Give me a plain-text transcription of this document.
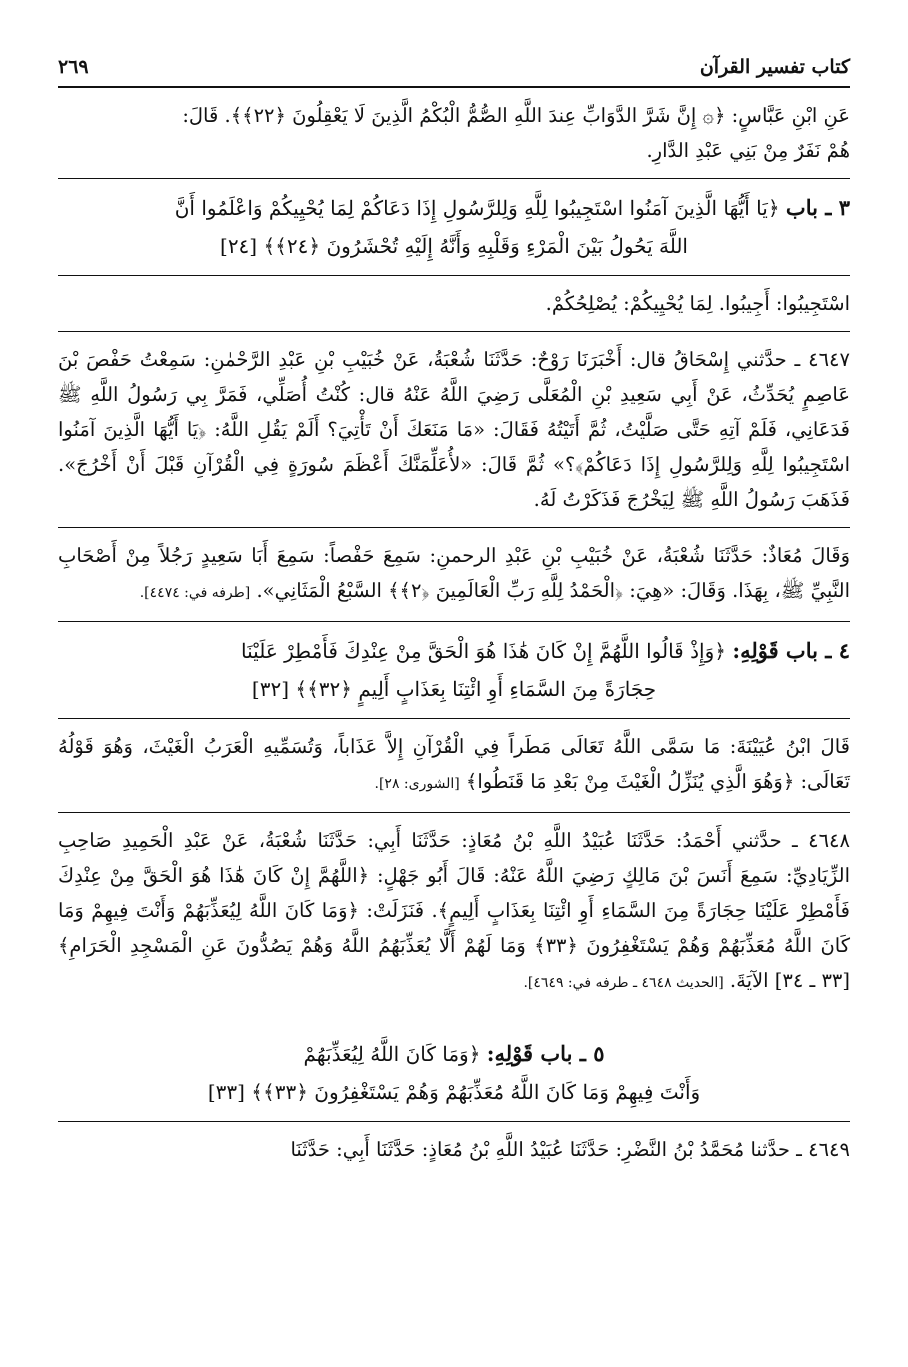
كتاب تفسير القرآن
٢٦٩

عَنِ ابْنِ عَبَّاسٍ: ﴿۞ إِنَّ شَرَّ الدَّوَابِّ عِندَ اللَّهِ الصُّمُّ الْبُكْمُ الَّذِينَ لَا يَعْقِلُونَ ﴿٢٢﴾﴾. قَالَ:

هُمْ نَفَرٌ مِنْ بَنِي عَبْدِ الدَّارِ.

٣ ـ باب ﴿يَا أَيُّهَا الَّذِينَ آمَنُوا اسْتَجِيبُوا لِلَّهِ وَلِلرَّسُولِ إِذَا دَعَاكُمْ لِمَا يُحْيِيكُمْ وَاعْلَمُوا أَنَّ

اللَّهَ يَحُولُ بَيْنَ الْمَرْءِ وَقَلْبِهِ وَأَنَّهُ إِلَيْهِ تُحْشَرُونَ ﴿٢٤﴾﴾ [٢٤]

اسْتَجِيبُوا: أَجِيبُوا. لِمَا يُحْيِيكُمْ: يُصْلِحُكُمْ.

٤٦٤٧ ـ حدَّثني إِسْحَاقُ قال: أَخْبَرَنَا رَوْحٌ: حَدَّثَنَا شُعْبَةُ، عَنْ خُبَيْبِ بْنِ عَبْدِ الرَّحْمٰنِ: سَمِعْتُ حَفْصَ بْنَ عَاصِمٍ يُحَدِّثُ، عَنْ أَبِي سَعِيدِ بْنِ الْمُعَلَّى رَضِيَ اللَّهُ عَنْهُ قال: كُنْتُ أُصَلِّي، فَمَرَّ بِي رَسُولُ اللَّهِ ﷺ فَدَعَانِي، فَلَمْ آتِهِ حَتَّى صَلَّيْتُ، ثُمَّ أَتَيْتُهُ فَقَالَ: «مَا مَنَعَكَ أَنْ تَأْتِيَ؟ أَلَمْ يَقُلِ اللَّهُ: ﴿يَا أَيُّهَا الَّذِينَ آمَنُوا اسْتَجِيبُوا لِلَّهِ وَلِلرَّسُولِ إِذَا دَعَاكُمْ﴾؟» ثُمَّ قَالَ: «لأُعَلِّمَنَّكَ أَعْظَمَ سُورَةٍ فِي الْقُرْآنِ قَبْلَ أَنْ أَخْرُجَ». فَذَهَبَ رَسُولُ اللَّهِ ﷺ لِيَخْرُجَ فَذَكَرْتُ لَهُ.

وَقَالَ مُعَاذٌ: حَدَّثَنَا شُعْبَةُ، عَنْ خُبَيْبِ بْنِ عَبْدِ الرحمنِ: سَمِعَ حَفْصاً: سَمِعَ أَبَا سَعِيدٍ رَجُلاً مِنْ أَصْحَابِ النَّبِيِّ ﷺ، بِهَذَا. وَقَالَ: «هِيَ: ﴿الْحَمْدُ لِلَّهِ رَبِّ الْعَالَمِينَ ﴿٢﴾﴾ السَّبْعُ الْمَثَانِي». [طرفه في: ٤٤٧٤].

٤ ـ باب قَوْلِهِ: ﴿وَإِذْ قَالُوا اللَّهُمَّ إِنْ كَانَ هَٰذَا هُوَ الْحَقَّ مِنْ عِنْدِكَ فَأَمْطِرْ عَلَيْنَا

حِجَارَةً مِنَ السَّمَاءِ أَوِ ائْتِنَا بِعَذَابٍ أَلِيمٍ ﴿٣٢﴾﴾ [٣٢]

قَالَ ابْنُ عُيَيْنَةَ: مَا سَمَّى اللَّهُ تَعَالَى مَطَراً فِي الْقُرْآنِ إِلاَّ عَذَاباً، وَتُسَمِّيهِ الْعَرَبُ الْغَيْثَ، وَهُوَ قَوْلُهُ تَعَالَى: ﴿وَهُوَ الَّذِي يُنَزِّلُ الْغَيْثَ مِنْ بَعْدِ مَا قَنَطُوا﴾ [الشورى: ٢٨].

٤٦٤٨ ـ حدَّثني أَحْمَدُ: حَدَّثَنَا عُبَيْدُ اللَّهِ بْنُ مُعَاذٍ: حَدَّثَنَا أَبِي: حَدَّثَنَا شُعْبَةُ، عَنْ عَبْدِ الْحَمِيدِ صَاحِبِ الزِّيَادِيِّ: سَمِعَ أَنَسَ بْنَ مَالِكٍ رَضِيَ اللَّهُ عَنْهُ: قَالَ أَبُو جَهْلٍ: ﴿اللَّهُمَّ إِنْ كَانَ هَٰذَا هُوَ الْحَقَّ مِنْ عِنْدِكَ فَأَمْطِرْ عَلَيْنَا حِجَارَةً مِنَ السَّمَاءِ أَوِ ائْتِنَا بِعَذَابٍ أَلِيمٍ﴾. فَنَزَلَتْ: ﴿وَمَا كَانَ اللَّهُ لِيُعَذِّبَهُمْ وَأَنْتَ فِيهِمْ وَمَا كَانَ اللَّهُ مُعَذِّبَهُمْ وَهُمْ يَسْتَغْفِرُونَ ﴿٣٣﴾ وَمَا لَهُمْ أَلَّا يُعَذِّبَهُمُ اللَّهُ وَهُمْ يَصُدُّونَ عَنِ الْمَسْجِدِ الْحَرَامِ﴾ [٣٣ ـ ٣٤] الآيَةَ. [الحديث ٤٦٤٨ ـ طرفه في: ٤٦٤٩].

٥ ـ باب قَوْلِهِ: ﴿وَمَا كَانَ اللَّهُ لِيُعَذِّبَهُمْ

وَأَنْتَ فِيهِمْ وَمَا كَانَ اللَّهُ مُعَذِّبَهُمْ وَهُمْ يَسْتَغْفِرُونَ ﴿٣٣﴾﴾ [٣٣]

٤٦٤٩ ـ حدَّثنا مُحَمَّدُ بْنُ النَّضْرِ: حَدَّثَنَا عُبَيْدُ اللَّهِ بْنُ مُعَاذٍ: حَدَّثَنَا أَبِي: حَدَّثَنَا
